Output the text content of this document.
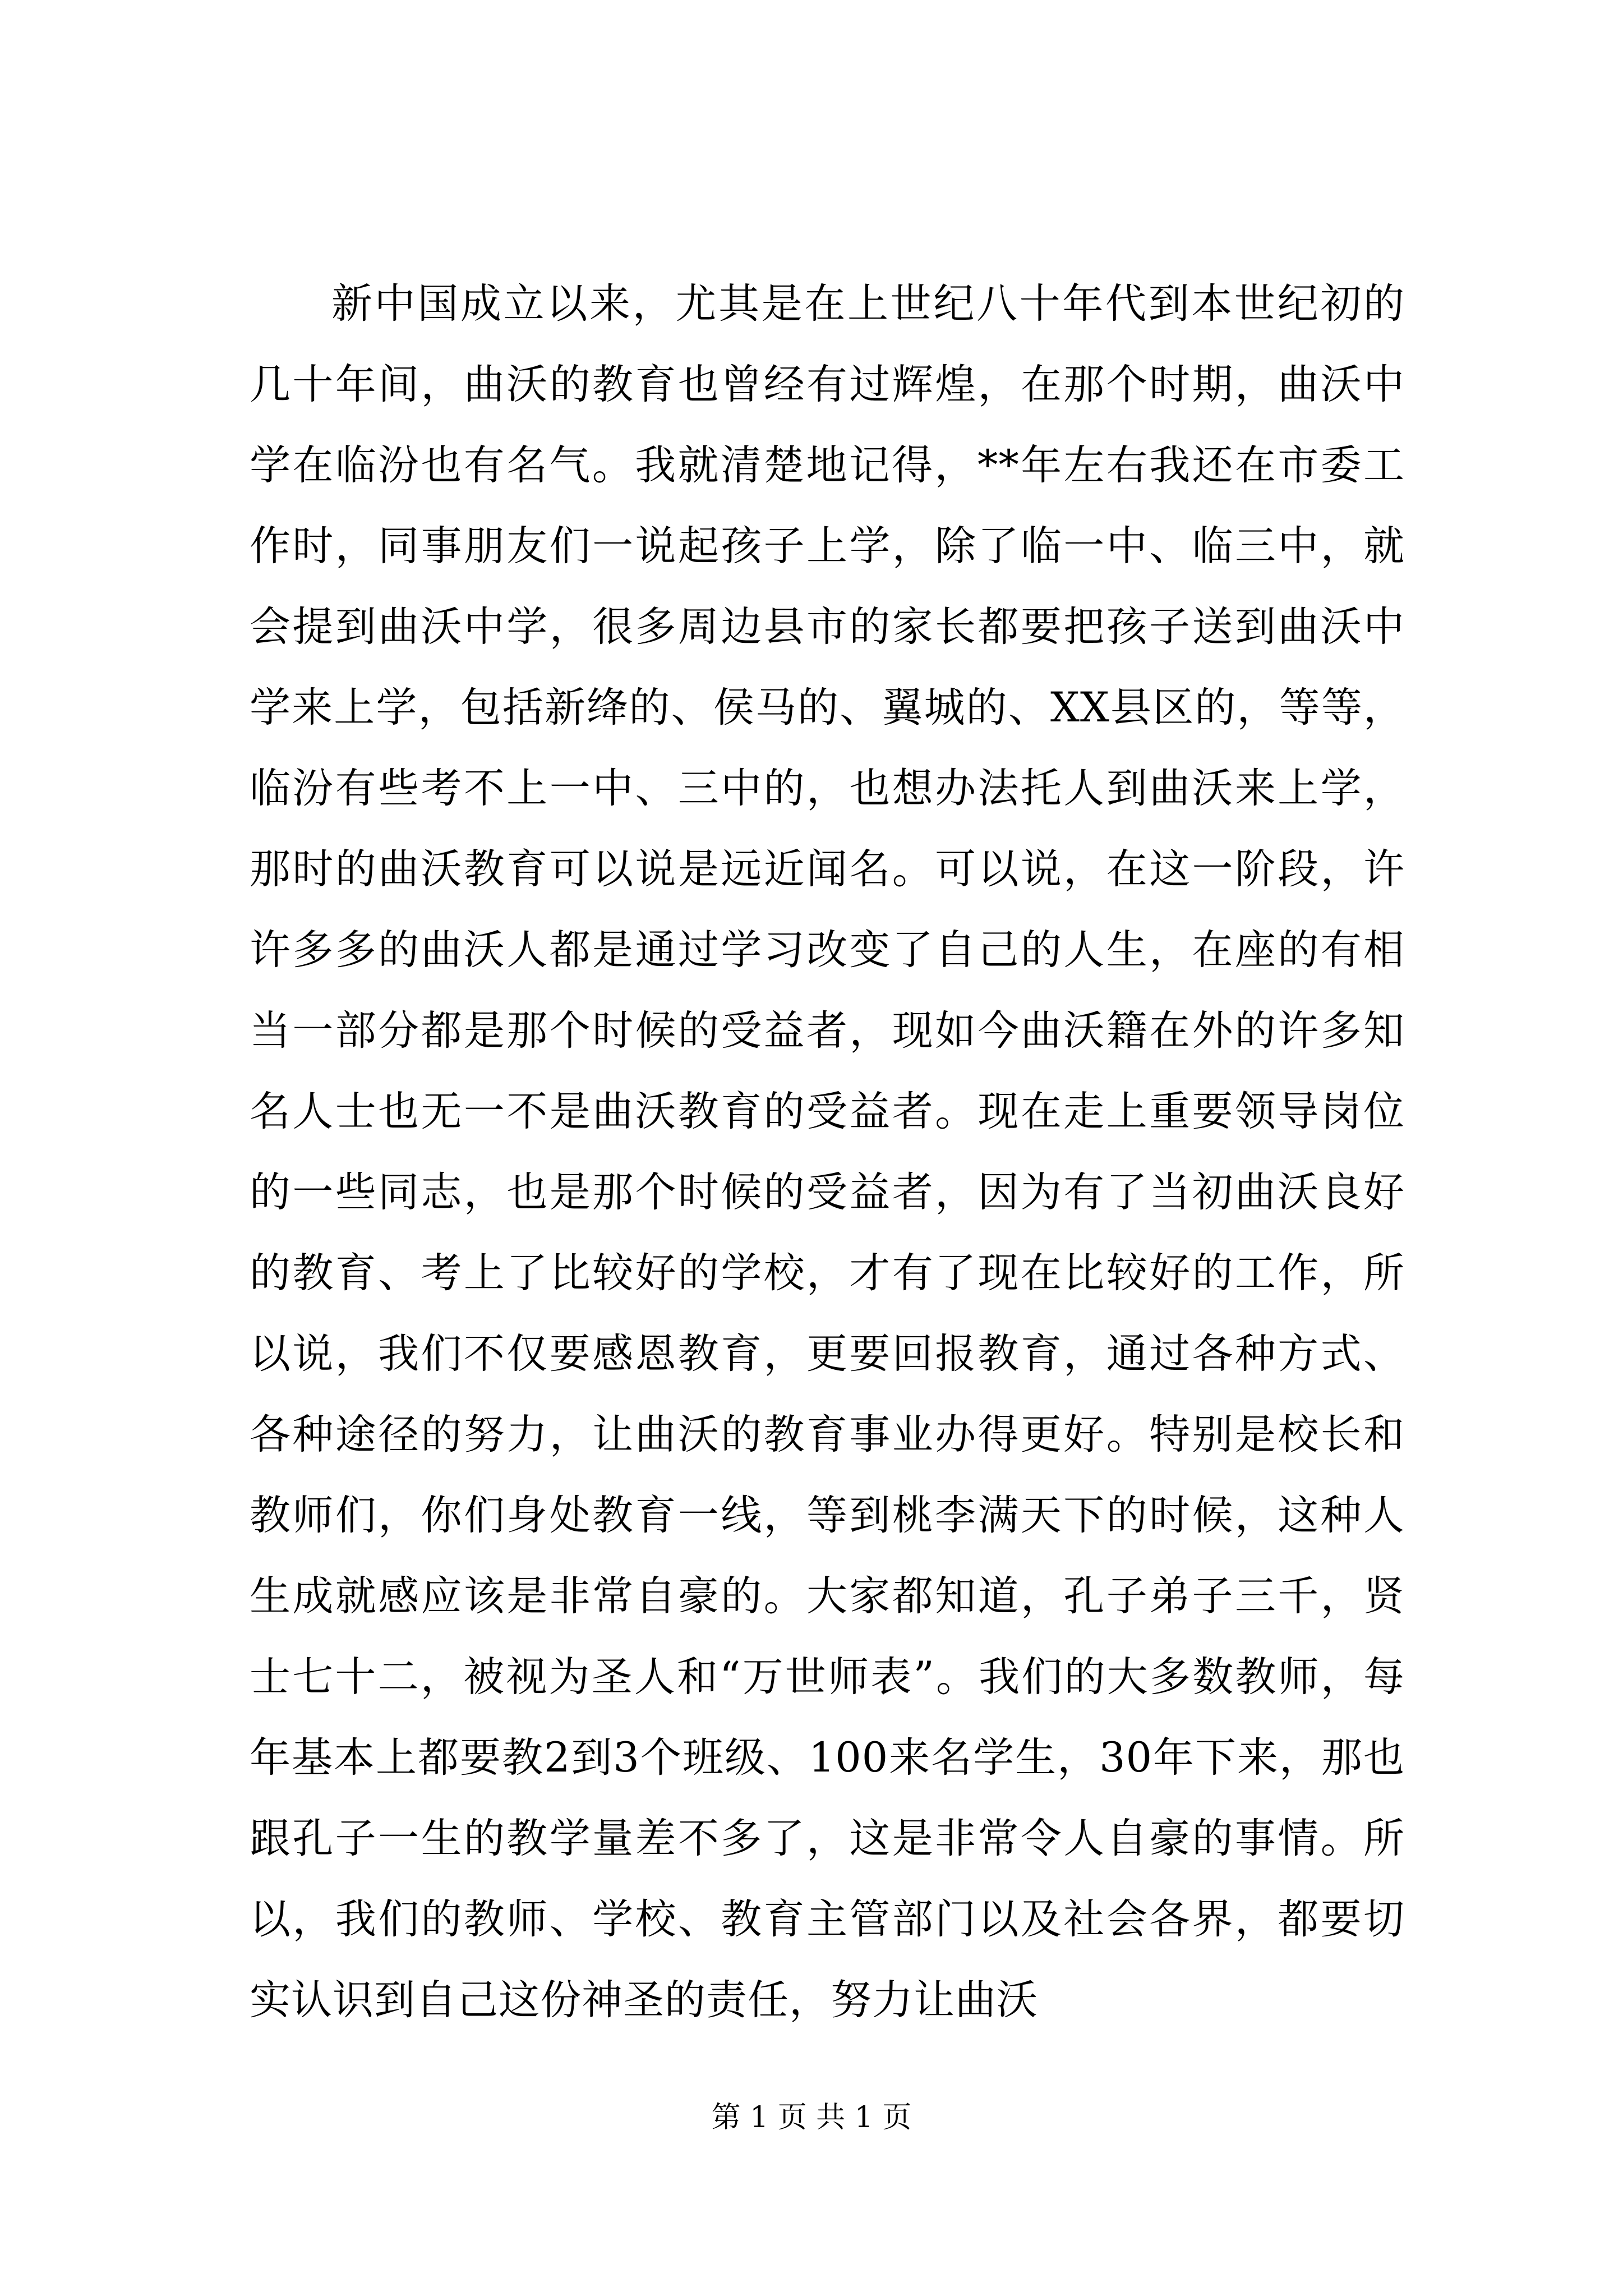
新中国成立以来，尤其是在上世纪八十年代到本世纪初的几十年间，曲沃的教育也曾经有过辉煌，在那个时期，曲沃中学在临汾也有名气。我就清楚地记得，**年左右我还在市委工作时，同事朋友们一说起孩子上学，除了临一中、临三中，就会提到曲沃中学，很多周边县市的家长都要把孩子送到曲沃中学来上学，包括新绛的、侯马的、翼城的、XX县区的，等等，临汾有些考不上一中、三中的，也想办法托人到曲沃来上学，那时的曲沃教育可以说是远近闻名。可以说，在这一阶段，许许多多的曲沃人都是通过学习改变了自己的人生，在座的有相当一部分都是那个时候的受益者，现如今曲沃籍在外的许多知名人士也无一不是曲沃教育的受益者。现在走上重要领导岗位的一些同志，也是那个时候的受益者，因为有了当初曲沃良好的教育、考上了比较好的学校，才有了现在比较好的工作，所以说，我们不仅要感恩教育，更要回报教育，通过各种方式、各种途径的努力，让曲沃的教育事业办得更好。特别是校长和教师们，你们身处教育一线，等到桃李满天下的时候，这种人生成就感应该是非常自豪的。大家都知道，孔子弟子三千，贤士七十二，被视为圣人和“万世师表”。我们的大多数教师，每年基本上都要教2到3个班级、100来名学生，30年下来，那也跟孔子一生的教学量差不多了，这是非常令人自豪的事情。所以，我们的教师、学校、教育主管部门以及社会各界，都要切实认识到自己这份神圣的责任，努力让曲沃

第 1 页 共 1 页
